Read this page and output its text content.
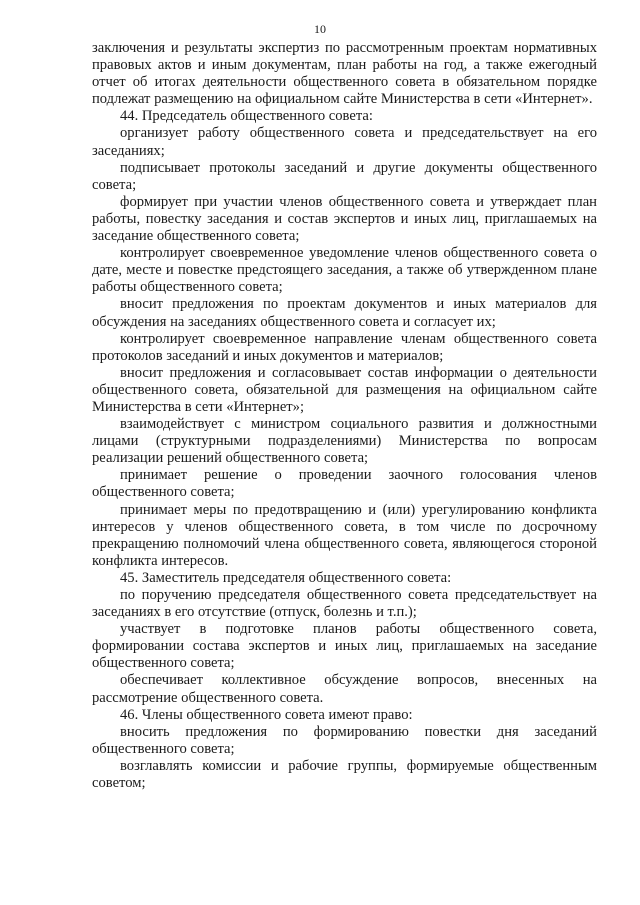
10

заключения и результаты экспертиз по рассмотренным проектам нормативных правовых актов и иным документам, план работы на год, а также ежегодный отчет об итогах деятельности общественного совета в обязательном порядке подлежат размещению на официальном сайте Министерства в сети «Интернет».

44. Председатель общественного совета:

организует работу общественного совета и председательствует на его заседаниях;

подписывает протоколы заседаний и другие документы общественного совета;

формирует при участии членов общественного совета и утверждает план работы, повестку заседания и состав экспертов и иных лиц, приглашаемых на заседание общественного совета;

контролирует своевременное уведомление членов общественного совета о дате, месте и повестке предстоящего заседания, а также об утвержденном плане работы общественного совета;

вносит предложения по проектам документов и иных материалов для обсуждения на заседаниях общественного совета и согласует их;

контролирует своевременное направление членам общественного совета протоколов заседаний и иных документов и материалов;

вносит предложения и согласовывает состав информации о деятельности общественного совета, обязательной для размещения на официальном сайте Министерства в сети «Интернет»;

взаимодействует с министром социального развития и должностными лицами (структурными подразделениями) Министерства по вопросам реализации решений общественного совета;

принимает решение о проведении заочного голосования членов общественного совета;

принимает меры по предотвращению и (или) урегулированию конфликта интересов у членов общественного совета, в том числе по досрочному прекращению полномочий члена общественного совета, являющегося стороной конфликта интересов.

45. Заместитель председателя общественного совета:

по поручению председателя общественного совета председательствует на заседаниях в его отсутствие (отпуск, болезнь и т.п.);

участвует в подготовке планов работы общественного совета, формировании состава экспертов и иных лиц, приглашаемых на заседание общественного совета;

обеспечивает коллективное обсуждение вопросов, внесенных на рассмотрение общественного совета.

46. Члены общественного совета имеют право:

вносить предложения по формированию повестки дня заседаний общественного совета;

возглавлять комиссии и рабочие группы, формируемые общественным советом;
